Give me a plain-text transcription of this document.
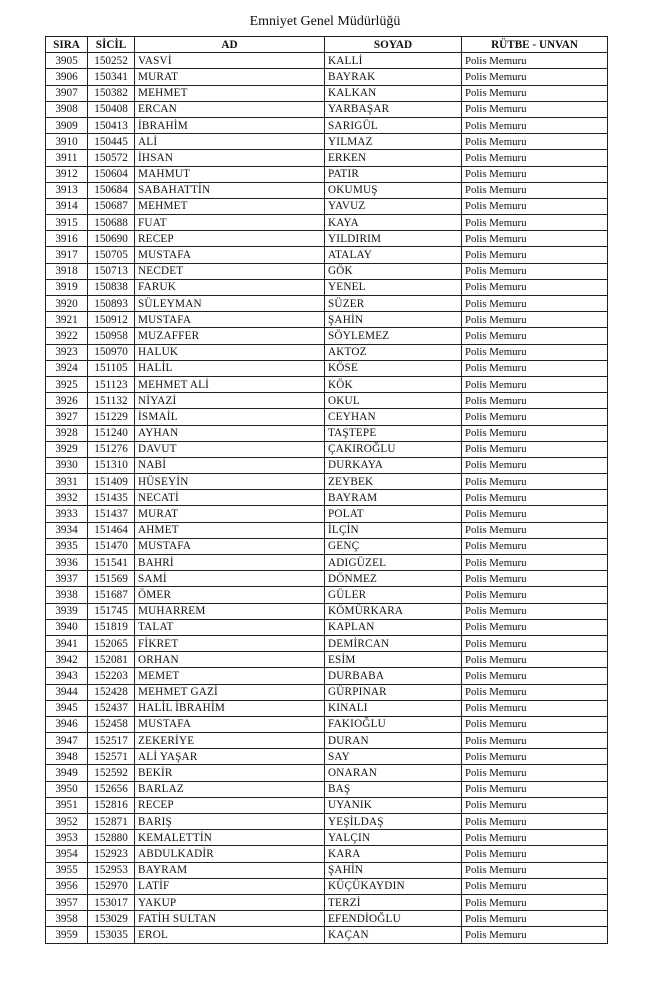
Emniyet Genel Müdürlüğü
SIRA	SİCİL	AD	SOYAD	RÜTBE - UNVAN
3905	150252	VASVİ	KALLİ	Polis Memuru
3906	150341	MURAT	BAYRAK	Polis Memuru
3907	150382	MEHMET	KALKAN	Polis Memuru
3908	150408	ERCAN	YARBAŞAR	Polis Memuru
3909	150413	İBRAHİM	SARIGÜL	Polis Memuru
3910	150445	ALİ	YILMAZ	Polis Memuru
3911	150572	İHSAN	ERKEN	Polis Memuru
3912	150604	MAHMUT	PATIR	Polis Memuru
3913	150684	SABAHATTİN	OKUMUŞ	Polis Memuru
3914	150687	MEHMET	YAVUZ	Polis Memuru
3915	150688	FUAT	KAYA	Polis Memuru
3916	150690	RECEP	YILDIRIM	Polis Memuru
3917	150705	MUSTAFA	ATALAY	Polis Memuru
3918	150713	NECDET	GÖK	Polis Memuru
3919	150838	FARUK	YENEL	Polis Memuru
3920	150893	SÜLEYMAN	SÜZER	Polis Memuru
3921	150912	MUSTAFA	ŞAHİN	Polis Memuru
3922	150958	MUZAFFER	SÖYLEMEZ	Polis Memuru
3923	150970	HALUK	AKTOZ	Polis Memuru
3924	151105	HALİL	KÖSE	Polis Memuru
3925	151123	MEHMET ALİ	KÖK	Polis Memuru
3926	151132	NİYAZİ	OKUL	Polis Memuru
3927	151229	İSMAİL	CEYHAN	Polis Memuru
3928	151240	AYHAN	TAŞTEPE	Polis Memuru
3929	151276	DAVUT	ÇAKIROĞLU	Polis Memuru
3930	151310	NABİ	DURKAYA	Polis Memuru
3931	151409	HÜSEYİN	ZEYBEK	Polis Memuru
3932	151435	NECATİ	BAYRAM	Polis Memuru
3933	151437	MURAT	POLAT	Polis Memuru
3934	151464	AHMET	İLÇİN	Polis Memuru
3935	151470	MUSTAFA	GENÇ	Polis Memuru
3936	151541	BAHRİ	ADIGÜZEL	Polis Memuru
3937	151569	SAMİ	DÖNMEZ	Polis Memuru
3938	151687	ÖMER	GÜLER	Polis Memuru
3939	151745	MUHARREM	KÖMÜRKARA	Polis Memuru
3940	151819	TALAT	KAPLAN	Polis Memuru
3941	152065	FİKRET	DEMİRCAN	Polis Memuru
3942	152081	ORHAN	ESİM	Polis Memuru
3943	152203	MEMET	DURBABA	Polis Memuru
3944	152428	MEHMET GAZİ	GÜRPINAR	Polis Memuru
3945	152437	HALİL İBRAHİM	KINALI	Polis Memuru
3946	152458	MUSTAFA	FAKIOĞLU	Polis Memuru
3947	152517	ZEKERİYE	DURAN	Polis Memuru
3948	152571	ALİ YAŞAR	SAY	Polis Memuru
3949	152592	BEKİR	ONARAN	Polis Memuru
3950	152656	BARLAZ	BAŞ	Polis Memuru
3951	152816	RECEP	UYANIK	Polis Memuru
3952	152871	BARIŞ	YEŞİLDAŞ	Polis Memuru
3953	152880	KEMALETTİN	YALÇIN	Polis Memuru
3954	152923	ABDULKADİR	KARA	Polis Memuru
3955	152953	BAYRAM	ŞAHİN	Polis Memuru
3956	152970	LATİF	KÜÇÜKAYDIN	Polis Memuru
3957	153017	YAKUP	TERZİ	Polis Memuru
3958	153029	FATİH SULTAN	EFENDİOĞLU	Polis Memuru
3959	153035	EROL	KAÇAN	Polis Memuru
